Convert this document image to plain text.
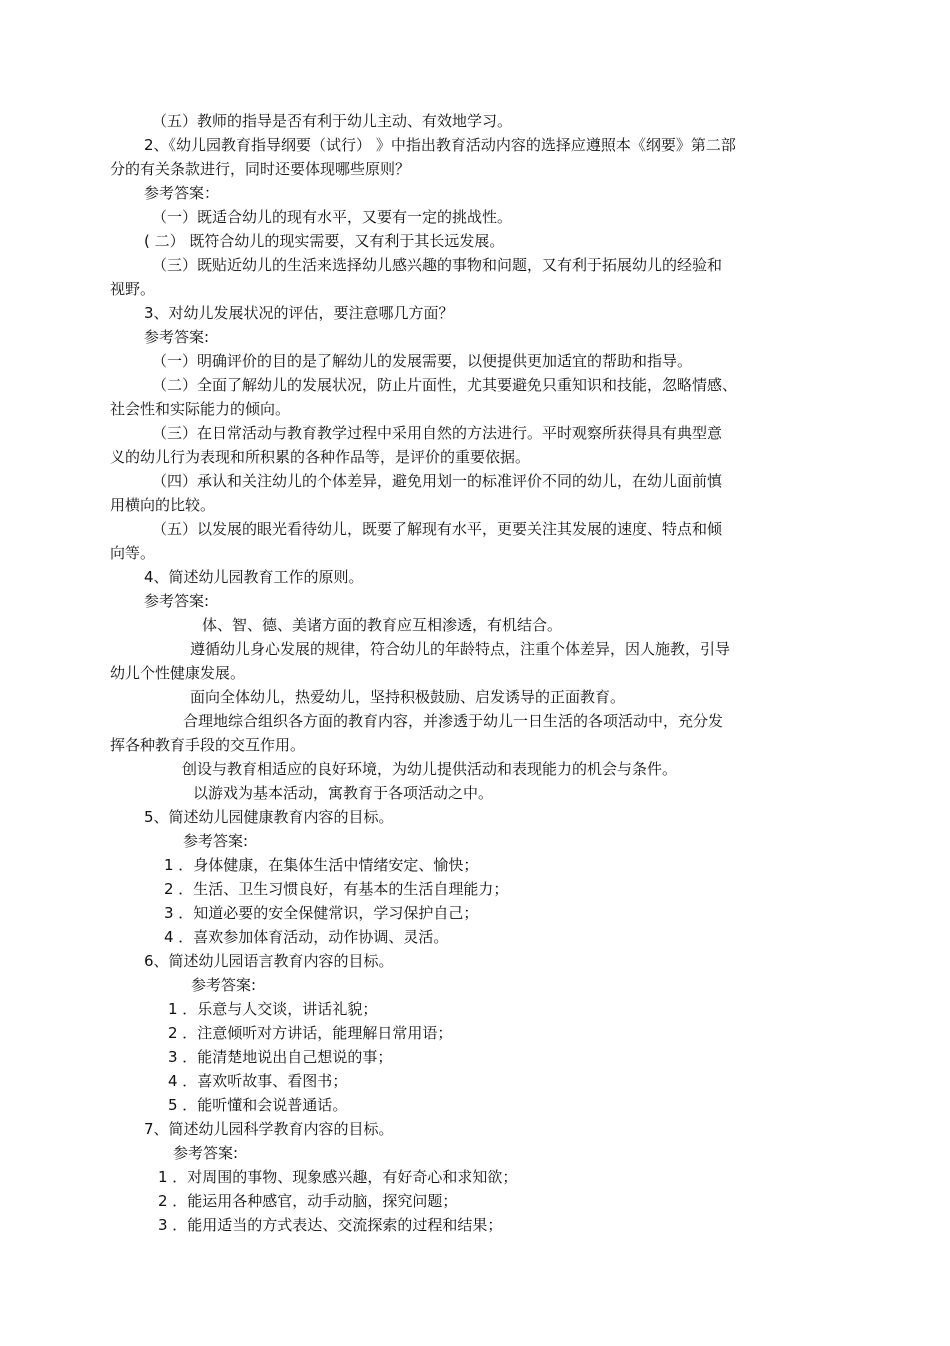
（五）教师的指导是否有利于幼儿主动、有效地学习。

2、《幼儿园教育指导纲要（试行） 》中指出教育活动内容的选择应遵照本《纲要》第二部

分的有关条款进行，同时还要体现哪些原则？

参考答案：

（一）既适合幼儿的现有水平，又要有一定的挑战性。

( 二） 既符合幼儿的现实需要，又有利于其长远发展。

（三）既贴近幼儿的生活来选择幼儿感兴趣的事物和问题，又有利于拓展幼儿的经验和

视野。

3、对幼儿发展状况的评估，要注意哪几方面？

参考答案:

（一）明确评价的目的是了解幼儿的发展需要，以便提供更加适宜的帮助和指导。

（二）全面了解幼儿的发展状况，防止片面性，尤其要避免只重知识和技能，忽略情感、

社会性和实际能力的倾向。

（三）在日常活动与教育教学过程中采用自然的方法进行。平时观察所获得具有典型意

义的幼儿行为表现和所积累的各种作品等，是评价的重要依据。

（四）承认和关注幼儿的个体差异，避免用划一的标准评价不同的幼儿，在幼儿面前慎

用横向的比较。

（五）以发展的眼光看待幼儿，既要了解现有水平，更要关注其发展的速度、特点和倾

向等。

4、简述幼儿园教育工作的原则。

参考答案:

体、智、德、美诸方面的教育应互相渗透，有机结合。

遵循幼儿身心发展的规律，符合幼儿的年龄特点，注重个体差异，因人施教，引导

幼儿个性健康发展。

面向全体幼儿，热爱幼儿，坚持积极鼓励、启发诱导的正面教育。

合理地综合组织各方面的教育内容，并渗透于幼儿一日生活的各项活动中，充分发

挥各种教育手段的交互作用。

创设与教育相适应的良好环境，为幼儿提供活动和表现能力的机会与条件。

以游戏为基本活动，寓教育于各项活动之中。

5、简述幼儿园健康教育内容的目标。

参考答案:

1 ．身体健康，在集体生活中情绪安定、愉快；

2 ．生活、卫生习惯良好，有基本的生活自理能力；

3 ．知道必要的安全保健常识，学习保护自己；

4 ．喜欢参加体育活动，动作协调、灵活。

6、简述幼儿园语言教育内容的目标。

参考答案:

1 ．乐意与人交谈，讲话礼貌；

2 ．注意倾听对方讲话，能理解日常用语；

3 ．能清楚地说出自己想说的事；

4 ．喜欢听故事、看图书；

5 ．能听懂和会说普通话。

7、简述幼儿园科学教育内容的目标。

参考答案:

1 ．对周围的事物、现象感兴趣，有好奇心和求知欲；

2 ．能运用各种感官，动手动脑，探究问题；

3 ．能用适当的方式表达、交流探索的过程和结果；
